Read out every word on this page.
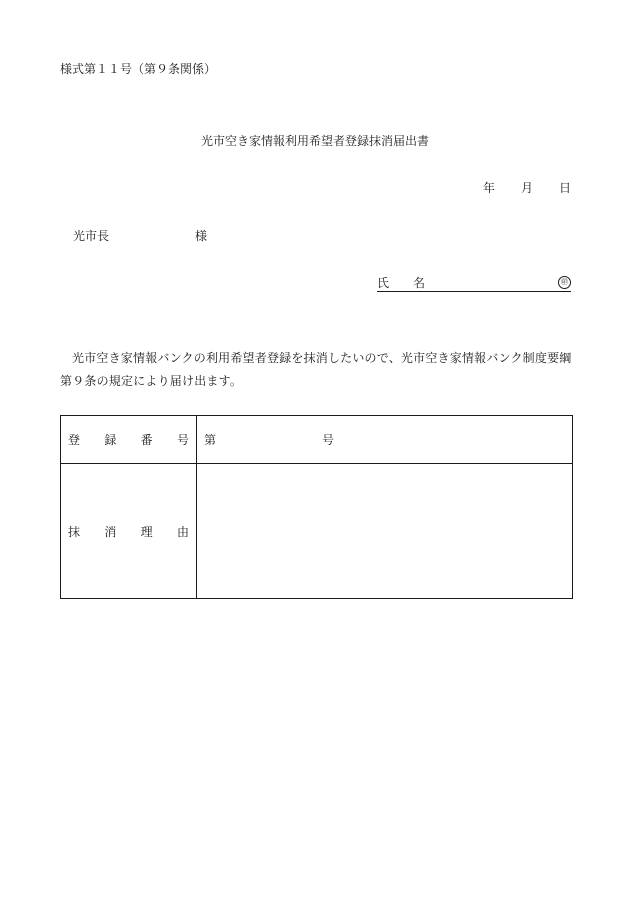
様式第１１号（第９条関係）
光市空き家情報利用希望者登録抹消届出書
年 月 日
光市長	様
氏　　名	㊞
光市空き家情報バンクの利用希望者登録を抹消したいので、光市空き家情報バンク制度要綱第９条の規定により届け出ます。
登 録 番 号	第 号

抹 消 理 由	
